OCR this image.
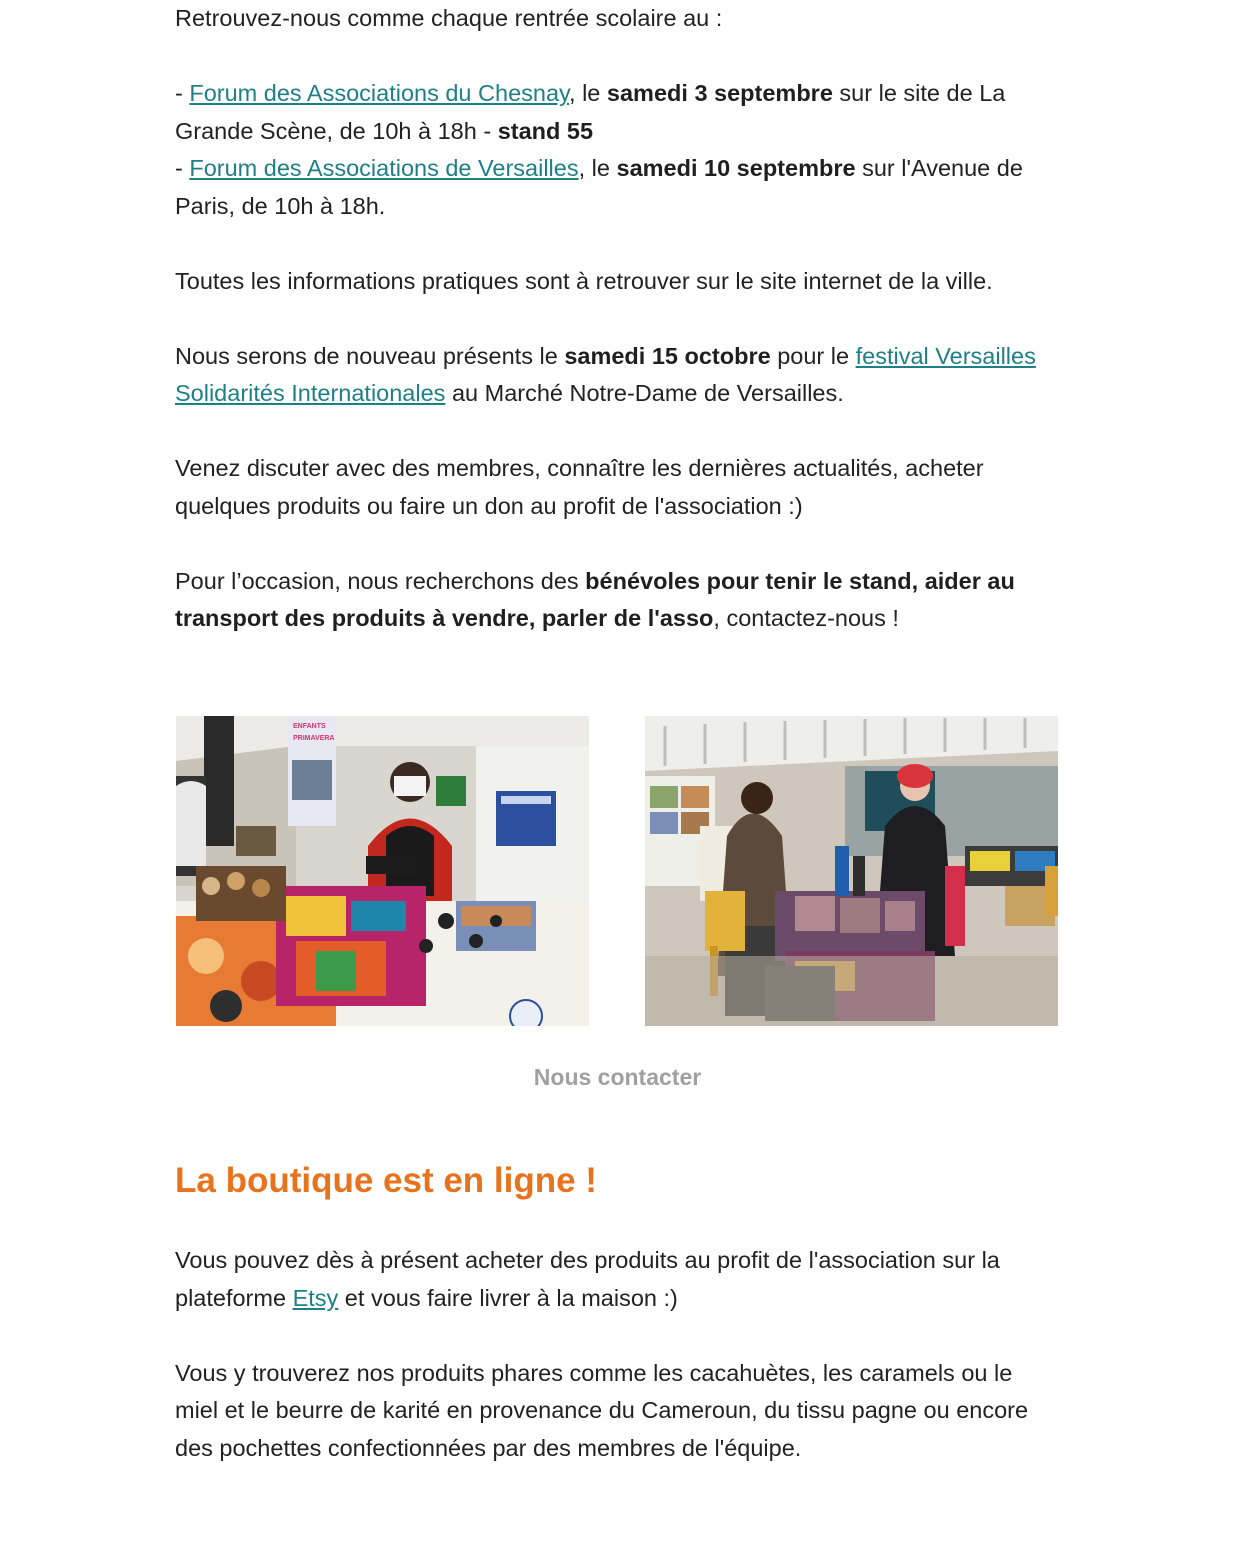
Retrouvez-nous comme chaque rentrée scolaire au :

- Forum des Associations du Chesnay, le samedi 3 septembre sur le site de La Grande Scène, de 10h à 18h - stand 55
- Forum des Associations de Versailles, le samedi 10 septembre sur l'Avenue de Paris, de 10h à 18h.

Toutes les informations pratiques sont à retrouver sur le site internet de la ville.

Nous serons de nouveau présents le samedi 15 octobre pour le festival Versailles Solidarités Internationales au Marché Notre-Dame de Versailles.

Venez discuter avec des membres, connaître les dernières actualités, acheter quelques produits ou faire un don au profit de l'association :)

Pour l’occasion, nous recherchons des bénévoles pour tenir le stand, aider au transport des produits à vendre, parler de l'asso, contactez-nous !

ENFANTS
PRIMAVERA
Nous contacter
La boutique est en ligne !

Vous pouvez dès à présent acheter des produits au profit de l'association sur la plateforme Etsy et vous faire livrer à la maison :)

Vous y trouverez nos produits phares comme les cacahuètes, les caramels ou le miel et le beurre de karité en provenance du Cameroun, du tissu pagne ou encore des pochettes confectionnées par des membres de l'équipe.
